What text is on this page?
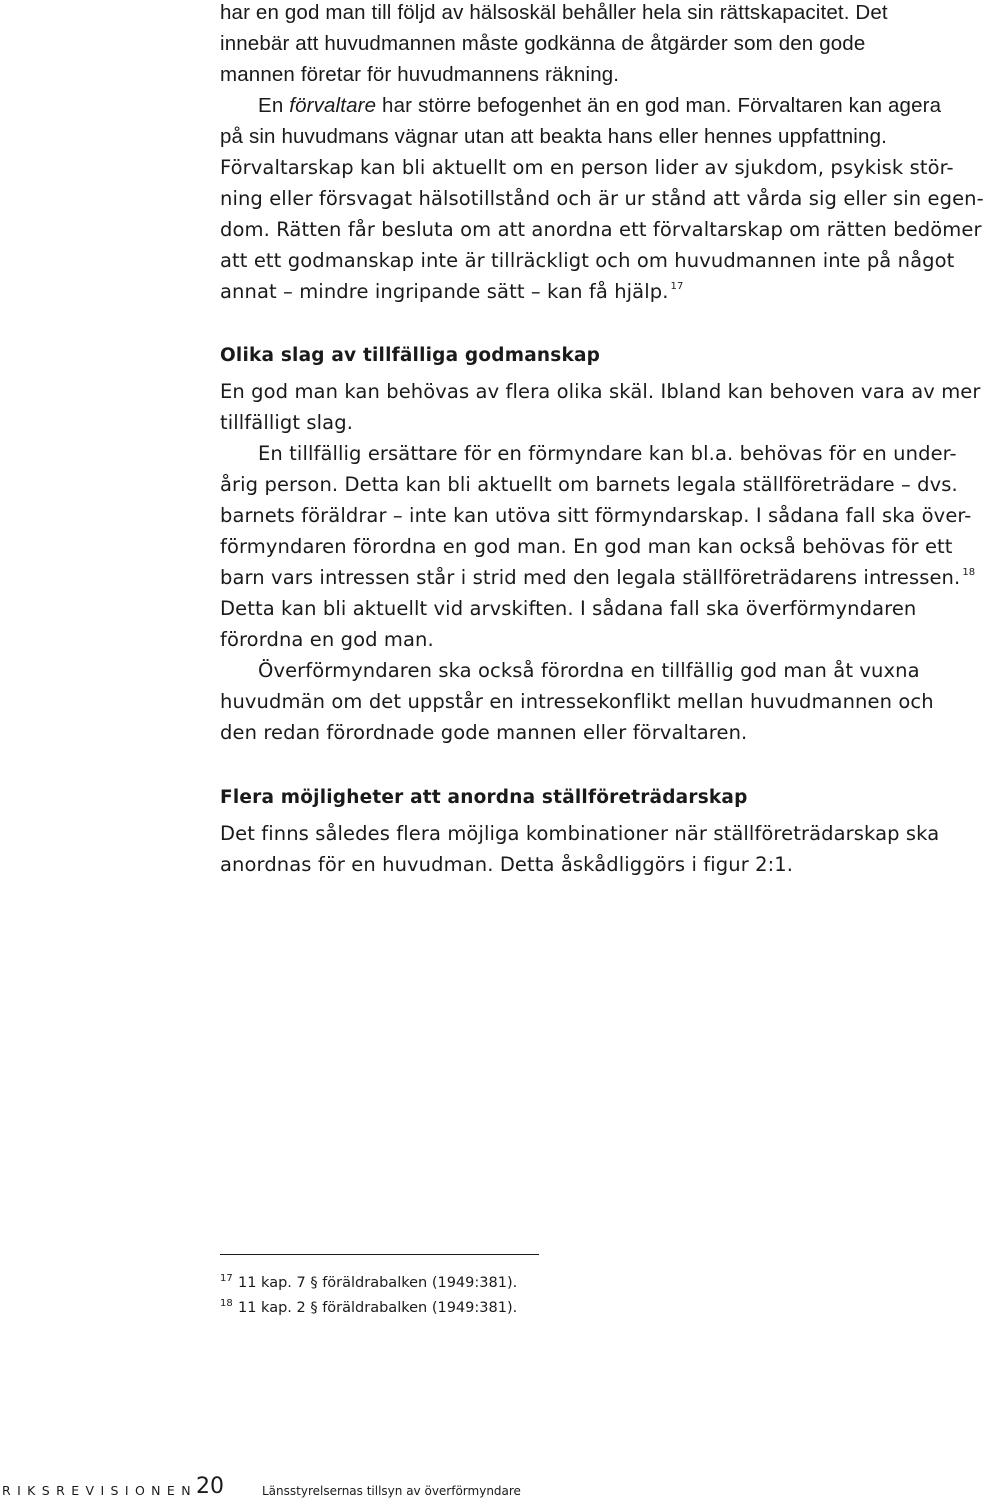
har en god man till följd av hälsoskäl behåller hela sin rättskapacitet. Det
innebär att huvudmannen måste godkänna de åtgärder som den gode
mannen företar för huvudmannens räkning.
En förvaltare har större befogenhet än en god man. Förvaltaren kan agera
på sin huvudmans vägnar utan att beakta hans eller hennes uppfattning.
Förvaltarskap kan bli aktuellt om en person lider av sjukdom, psykisk stör-
ning eller försvagat hälsotillstånd och är ur stånd att vårda sig eller sin egen-
dom. Rätten får besluta om att anordna ett förvaltarskap om rätten bedömer
att ett godmanskap inte är tillräckligt och om huvudmannen inte på något
annat – mindre ingripande sätt – kan få hjälp. $^{17}$
Olika slag av tillfälliga godmanskap
En god man kan behövas av flera olika skäl. Ibland kan behoven vara av mer
tillfälligt slag.
En tillfällig ersättare för en förmyndare kan bl.a. behövas för en under-
årig person. Detta kan bli aktuellt om barnets legala ställföreträdare – dvs.
barnets föräldrar – inte kan utöva sitt förmyndarskap. I sådana fall ska över-
förmyndaren förordna en god man. En god man kan också behövas för ett
barn vars intressen står i strid med den legala ställföreträdarens intressen. $^{18}$
Detta kan bli aktuellt vid arvskiften. I sådana fall ska överförmyndaren
förordna en god man.
Överförmyndaren ska också förordna en tillfällig god man åt vuxna
huvudmän om det uppstår en intressekonflikt mellan huvudmannen och
den redan förordnade gode mannen eller förvaltaren.
Flera möjligheter att anordna ställföreträdarskap
Det finns således flera möjliga kombinationer när ställföreträdarskap ska
anordnas för en huvudman. Detta åskådliggörs i figur 2:1.
17 11 kap. 7 § föräldrabalken (1949:381).
18 11 kap. 2 § föräldrabalken (1949:381).
RIKSREVISIONEN 20	Länsstyrelsernas tillsyn av överförmyndare
